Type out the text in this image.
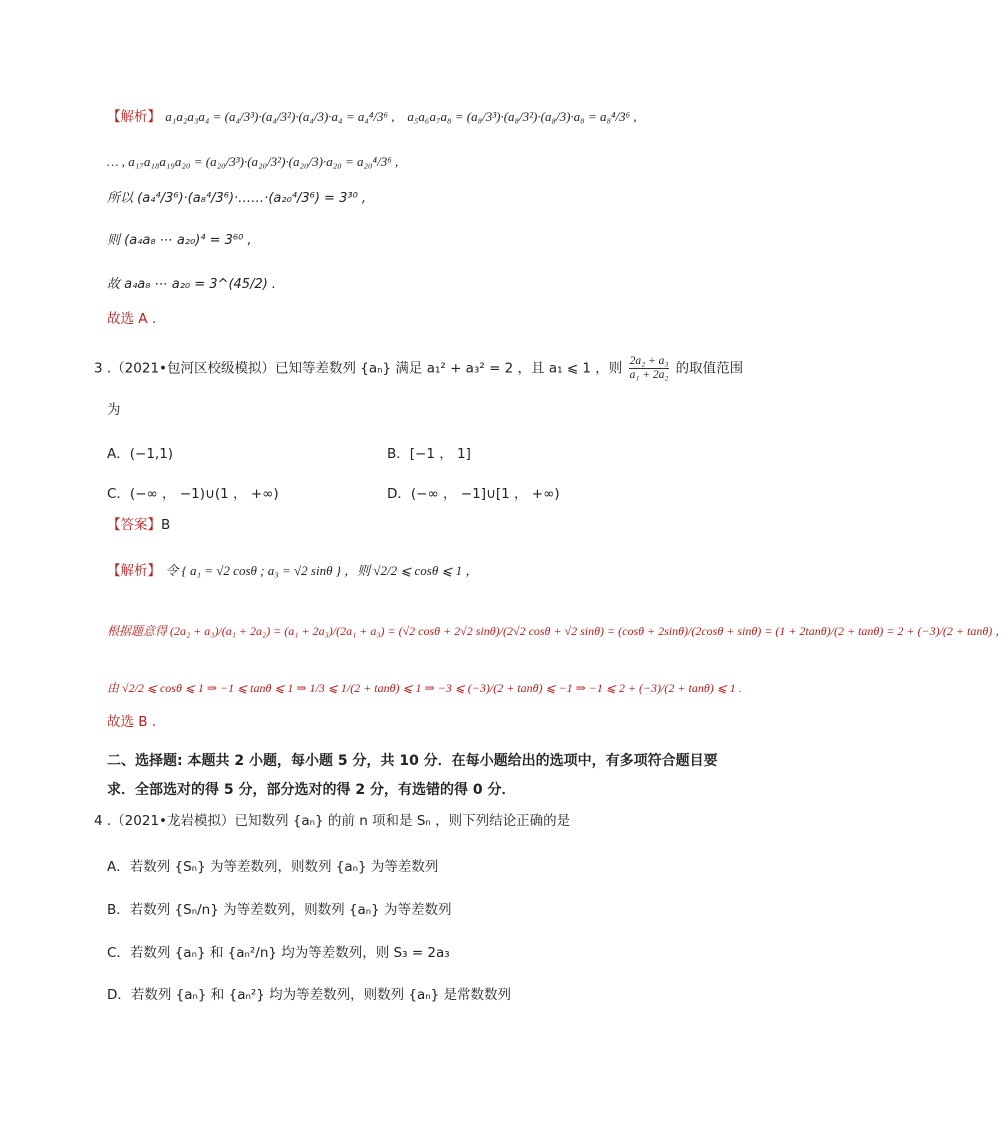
【解析】 a₁a₂a₃a₄ = (a₄/3³)·(a₄/3²)·(a₄/3)·a₄ = a₄⁴/3⁶ , a₅a₆a₇a₈ = (a₈/3³)·(a₈/3²)·(a₈/3)·a₈ = a₈⁴/3⁶ ,
… , a₁₇a₁₈a₁₉a₂₀ = (a₂₀/3³)·(a₂₀/3²)·(a₂₀/3)·a₂₀ = a₂₀⁴/3⁶ ,
所以 (a₄⁴/3⁶)·(a₈⁴/3⁶)·……·(a₂₀⁴/3⁶) = 3³⁰ ,
则 (a₄a₈ ⋯ a₂₀)⁴ = 3⁶⁰ ,
故 a₄a₈ ⋯ a₂₀ = 3^(45/2) .
故选 A .
3 .（2021•包河区校级模拟）已知等差数列 {aₙ} 满足 a₁² + a₃² = 2 ，且 a₁ ⩽ 1 ，则 $\frac{\text{2a₂ + a₃}}{\text{a₁ + 2a₂}}$ 的取值范围
为
A．(−1,1)	B．[−1 ， 1]
C．(−∞ ， −1)∪(1 ， +∞)	D．(−∞ ， −1]∪[1 ， +∞)
【答案】B
【解析】 令 { a₁ = √2 cosθ ; a₃ = √2 sinθ } ，则 √2/2 ⩽ cosθ ⩽ 1 ，
根据题意得 (2a₂ + a₃)/(a₁ + 2a₂) = (a₁ + 2a₃)/(2a₁ + a₃) = (√2 cosθ + 2√2 sinθ)/(2√2 cosθ + √2 sinθ) = (cosθ + 2sinθ)/(2cosθ + sinθ) = (1 + 2tanθ)/(2 + tanθ) = 2 + (−3)/(2 + tanθ) ，
由 √2/2 ⩽ cosθ ⩽ 1 ⇒ −1 ⩽ tanθ ⩽ 1 ⇒ 1/3 ⩽ 1/(2 + tanθ) ⩽ 1 ⇒ −3 ⩽ (−3)/(2 + tanθ) ⩽ −1 ⇒ −1 ⩽ 2 + (−3)/(2 + tanθ) ⩽ 1 .
故选 B .
二、选择题: 本题共 2 小题，每小题 5 分，共 10 分．在每小题给出的选项中，有多项符合题目要
求．全部选对的得 5 分，部分选对的得 2 分，有选错的得 0 分．
4 .（2021•龙岩模拟）已知数列 {aₙ} 的前 n 项和是 Sₙ ，则下列结论正确的是
A．若数列 {Sₙ} 为等差数列，则数列 {aₙ} 为等差数列
B．若数列 {Sₙ/n} 为等差数列，则数列 {aₙ} 为等差数列
C．若数列 {aₙ} 和 {aₙ²/n} 均为等差数列，则 S₃ = 2a₃
D．若数列 {aₙ} 和 {aₙ²} 均为等差数列，则数列 {aₙ} 是常数数列
